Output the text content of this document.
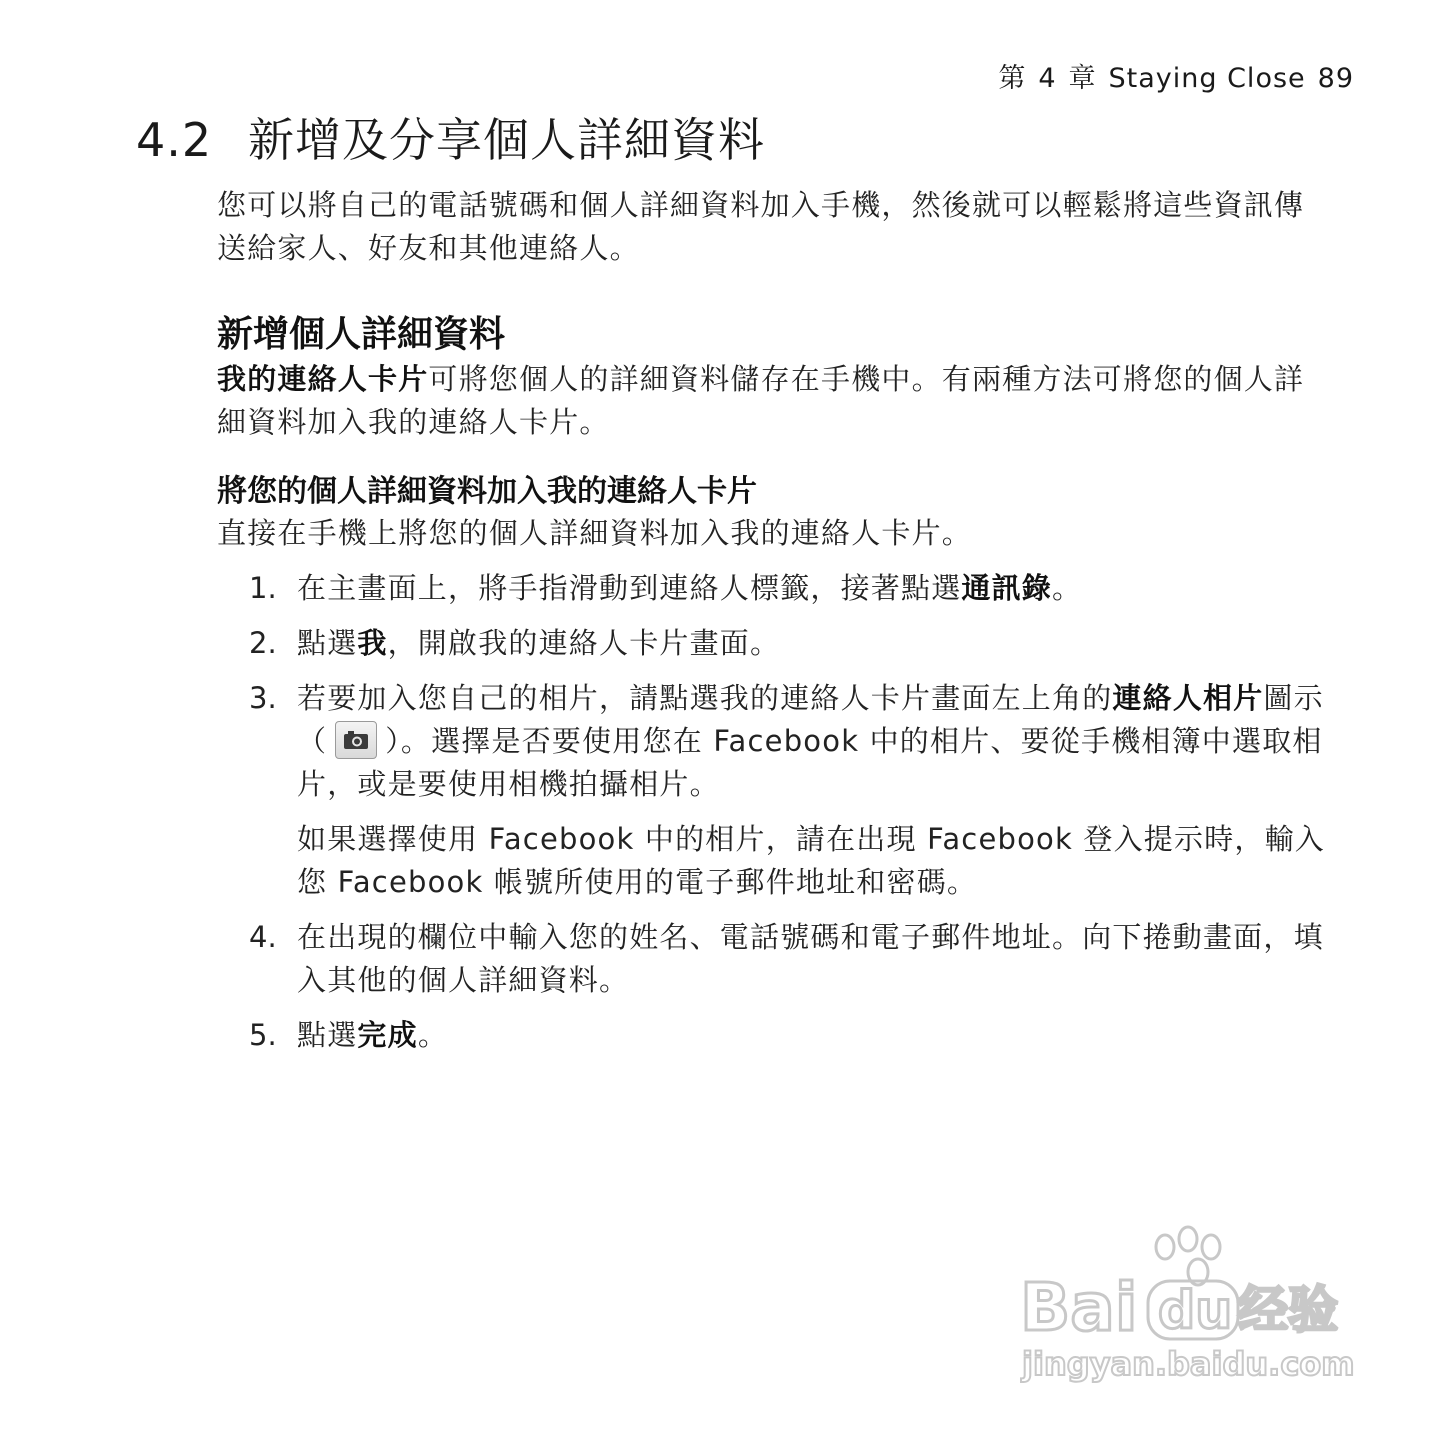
第 4 章 Staying Close 89
4.2 新增及分享個人詳細資料

您可以將自己的電話號碼和個人詳細資料加入手機，然後就可以輕鬆將這些資訊傳送給家人、好友和其他連絡人。

新增個人詳細資料

我的連絡人卡片可將您個人的詳細資料儲存在手機中。有兩種方法可將您的個人詳細資料加入我的連絡人卡片。

將您的個人詳細資料加入我的連絡人卡片

直接在手機上將您的個人詳細資料加入我的連絡人卡片。

1. 在主畫面上，將手指滑動到連絡人標籤，接著點選通訊錄。

2. 點選我，開啟我的連絡人卡片畫面。

3. 若要加入您自己的相片，請點選我的連絡人卡片畫面左上角的連絡人相片圖示（ ）。選擇是否要使用您在 Facebook 中的相片、要從手機相簿中選取相片，或是要使用相機拍攝相片。

如果選擇使用 Facebook 中的相片，請在出現 Facebook 登入提示時，輸入您 Facebook 帳號所使用的電子郵件地址和密碼。

4. 在出現的欄位中輸入您的姓名、電話號碼和電子郵件地址。向下捲動畫面，填入其他的個人詳細資料。

5. 點選完成。

Bai du 经验
jingyan.baidu.com
